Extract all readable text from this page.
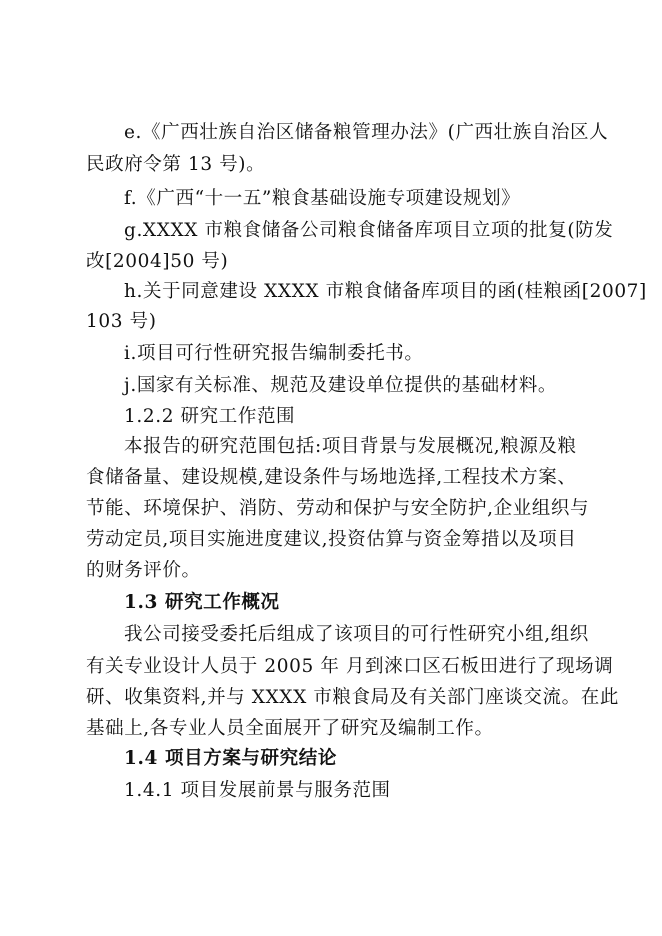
e.《广西壮族自治区储备粮管理办法》(广西壮族自治区人
民政府令第 13 号)。
f.《广西“十一五”粮食基础设施专项建设规划》
g.XXXX 市粮食储备公司粮食储备库项目立项的批复(防发
改[2004]50 号)
h.关于同意建设 XXXX 市粮食储备库项目的函(桂粮函[2007]
103 号)
i.项目可行性研究报告编制委托书。
j.国家有关标准、规范及建设单位提供的基础材料。
1.2.2 研究工作范围
本报告的研究范围包括:项目背景与发展概况,粮源及粮
食储备量、建设规模,建设条件与场地选择,工程技术方案、
节能、环境保护、消防、劳动和保护与安全防护,企业组织与
劳动定员,项目实施进度建议,投资估算与资金筹措以及项目
的财务评价。
1.3 研究工作概况
我公司接受委托后组成了该项目的可行性研究小组,组织
有关专业设计人员于 2005 年 月到淶口区石板田进行了现场调
研、收集资料,并与 XXXX 市粮食局及有关部门座谈交流。在此
基础上,各专业人员全面展开了研究及编制工作。
1.4 项目方案与研究结论
1.4.1 项目发展前景与服务范围
